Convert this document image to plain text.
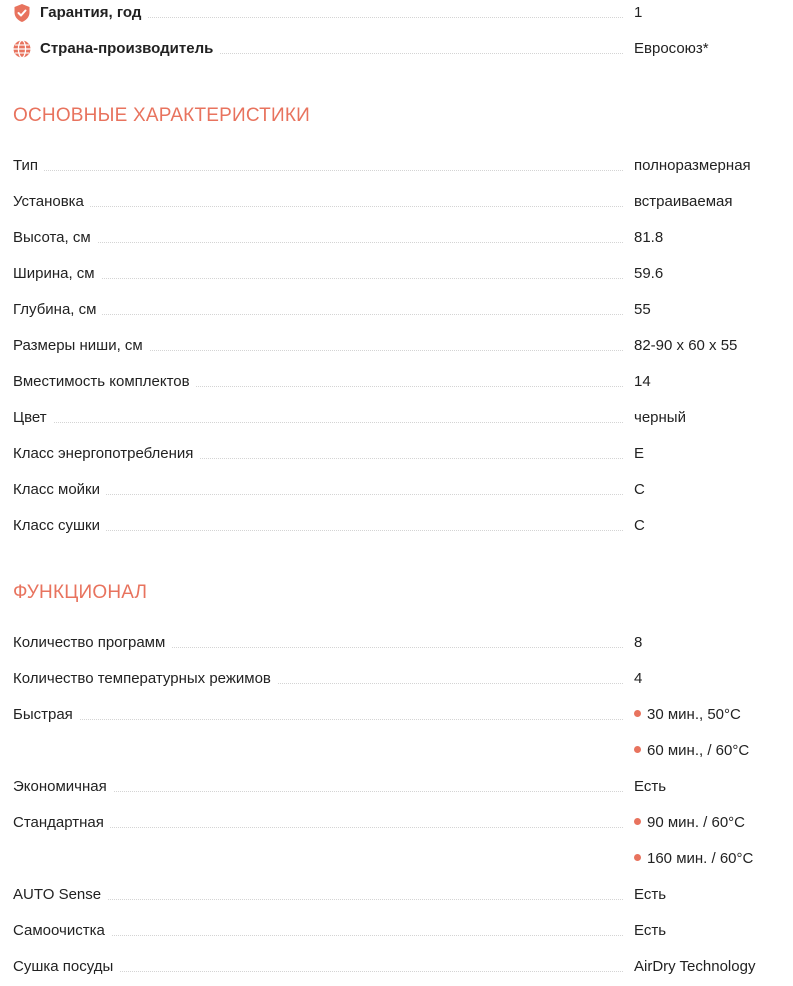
Гарантия, год	1
Страна-производитель	Евросоюз*
ОСНОВНЫЕ ХАРАКТЕРИСТИКИ
Тип	полноразмерная
Установка	встраиваемая
Высота, см	81.8
Ширина, см	59.6
Глубина, см	55
Размеры ниши, см	82-90 x 60 x 55
Вместимость комплектов	14
Цвет	черный
Класс энергопотребления	E
Класс мойки	C
Класс сушки	C
ФУНКЦИОНАЛ
Количество программ	8
Количество температурных режимов	4
Быстрая	30 мин., 50°C
60 мин., / 60°C
Экономичная	Есть
Стандартная	90 мин. / 60°C
160 мин. / 60°C
AUTO Sense	Есть
Самоочистка	Есть
Сушка посуды	AirDry Technology
